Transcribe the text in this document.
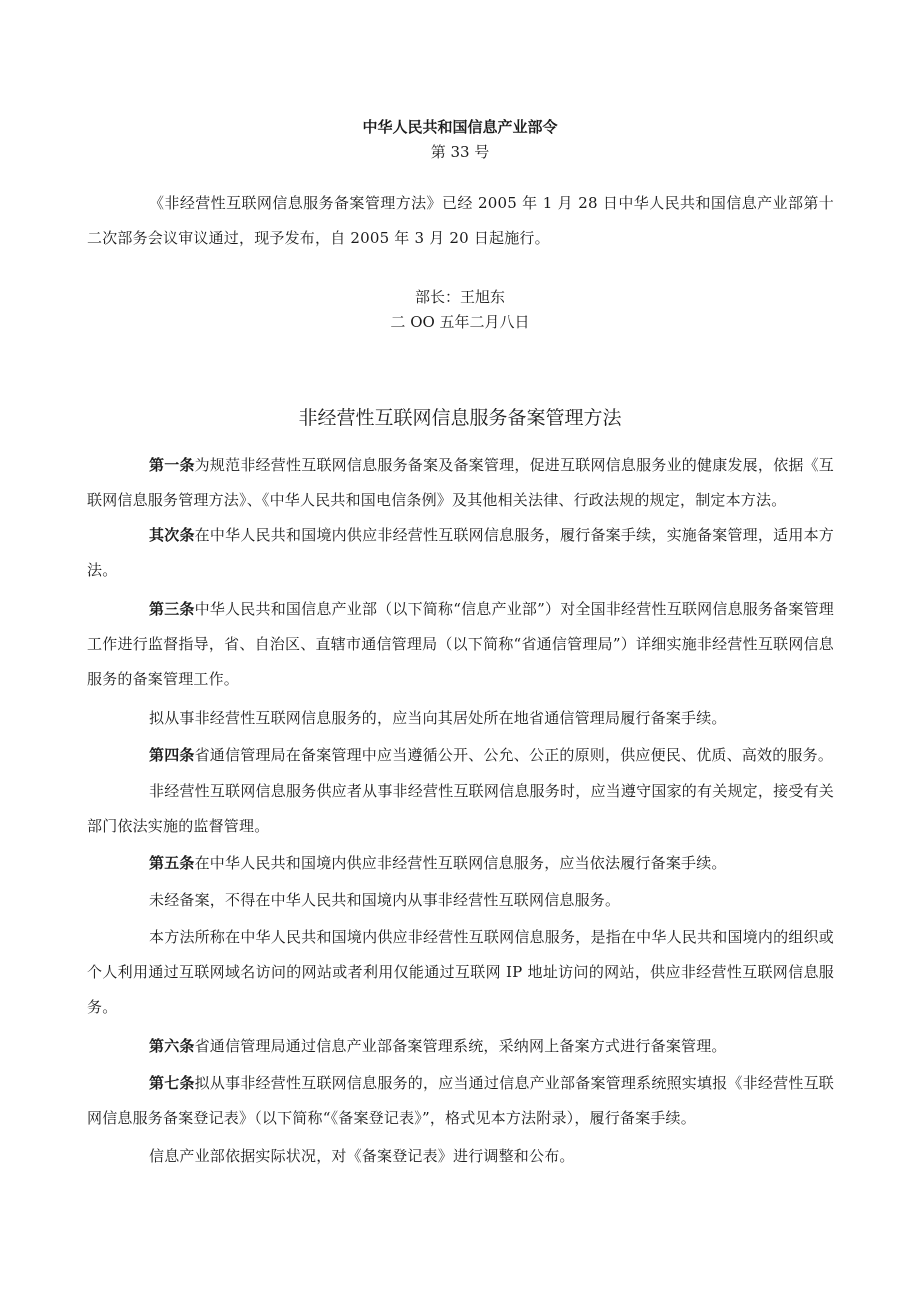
中华人民共和国信息产业部令
第 33 号

《非经营性互联网信息服务备案管理方法》已经 2005 年 1 月 28 日中华人民共和国信息产业部第十二次部务会议审议通过，现予发布，自 2005 年 3 月 20 日起施行。

部长：王旭东
二 OO 五年二月八日
非经营性互联网信息服务备案管理方法

第一条为规范非经营性互联网信息服务备案及备案管理，促进互联网信息服务业的健康发展，依据《互联网信息服务管理方法》、《中华人民共和国电信条例》及其他相关法律、行政法规的规定，制定本方法。

其次条在中华人民共和国境内供应非经营性互联网信息服务，履行备案手续，实施备案管理，适用本方法。

第三条中华人民共和国信息产业部（以下简称“信息产业部”）对全国非经营性互联网信息服务备案管理工作进行监督指导，省、自治区、直辖市通信管理局（以下简称“省通信管理局”）详细实施非经营性互联网信息服务的备案管理工作。

拟从事非经营性互联网信息服务的，应当向其居处所在地省通信管理局履行备案手续。

第四条省通信管理局在备案管理中应当遵循公开、公允、公正的原则，供应便民、优质、高效的服务。

非经营性互联网信息服务供应者从事非经营性互联网信息服务时，应当遵守国家的有关规定，接受有关部门依法实施的监督管理。

第五条在中华人民共和国境内供应非经营性互联网信息服务，应当依法履行备案手续。

未经备案，不得在中华人民共和国境内从事非经营性互联网信息服务。

本方法所称在中华人民共和国境内供应非经营性互联网信息服务，是指在中华人民共和国境内的组织或个人利用通过互联网域名访问的网站或者利用仅能通过互联网 IP 地址访问的网站，供应非经营性互联网信息服务。

第六条省通信管理局通过信息产业部备案管理系统，采纳网上备案方式进行备案管理。

第七条拟从事非经营性互联网信息服务的，应当通过信息产业部备案管理系统照实填报《非经营性互联网信息服务备案登记表》（以下简称“《备案登记表》”，格式见本方法附录），履行备案手续。

信息产业部依据实际状况，对《备案登记表》进行调整和公布。
